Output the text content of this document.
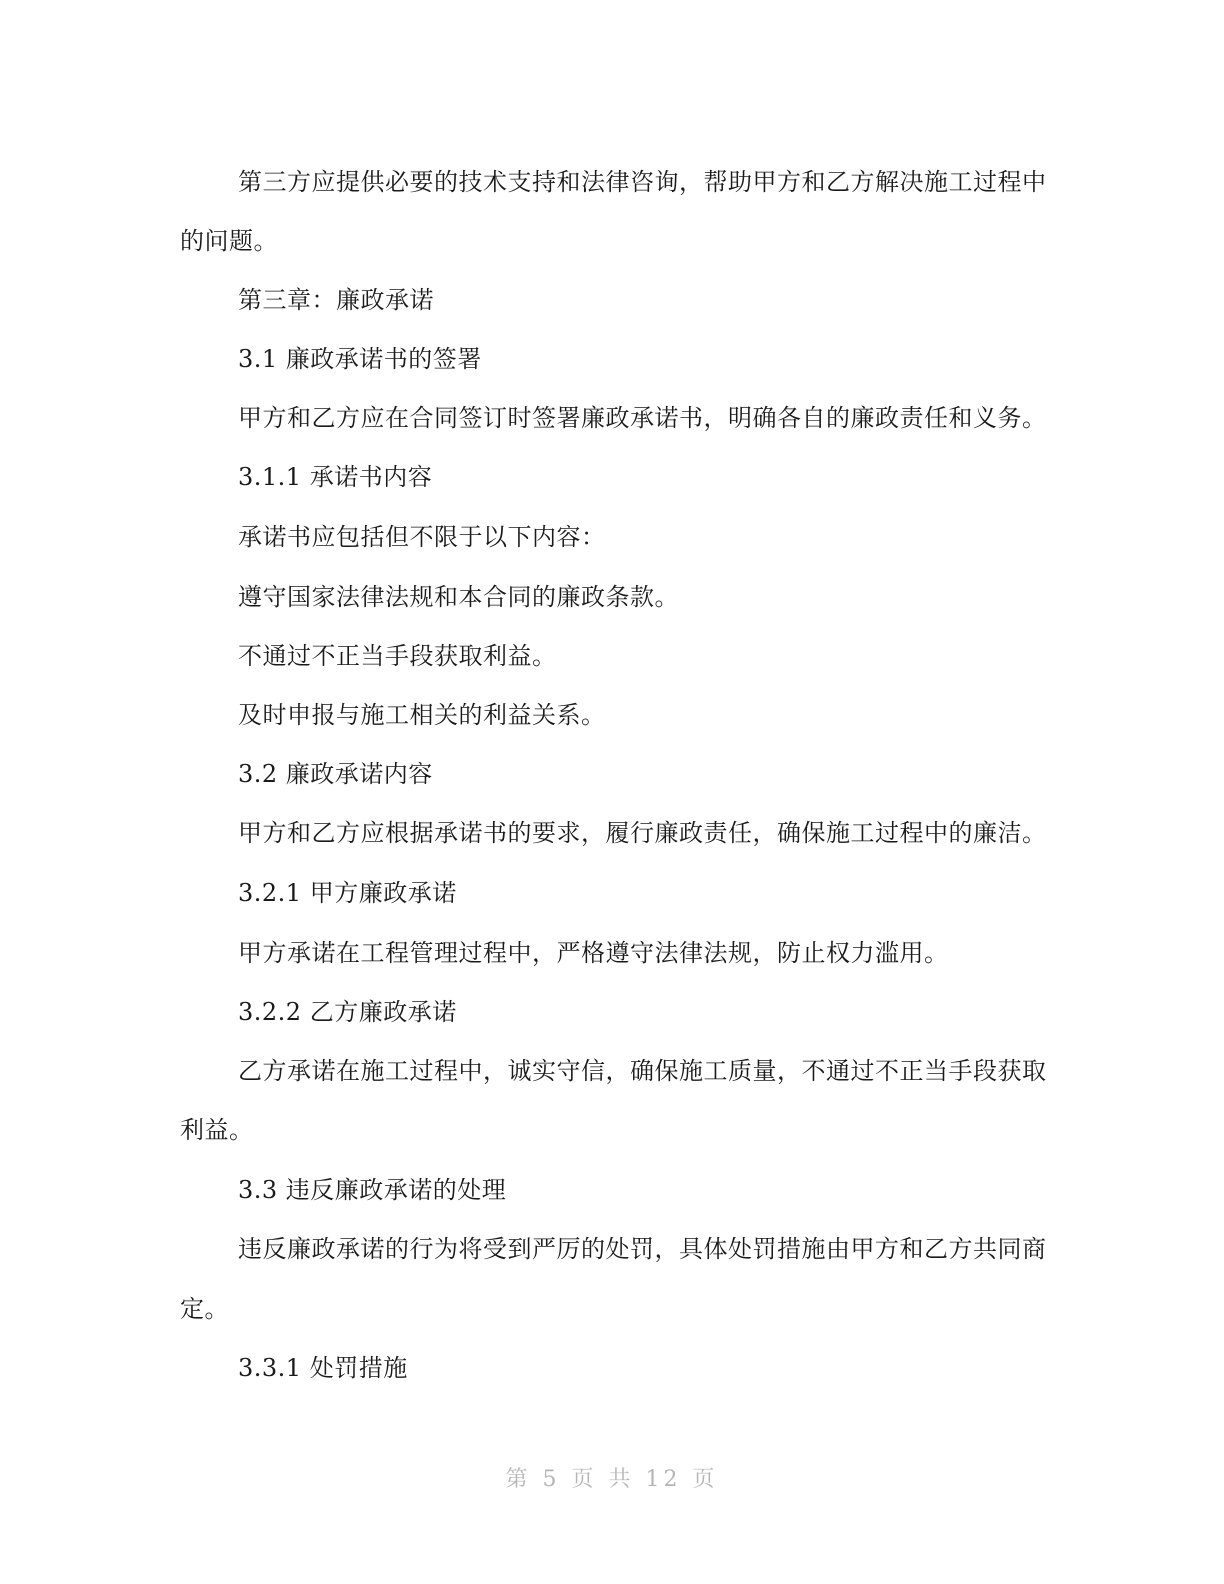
第三方应提供必要的技术支持和法律咨询，帮助甲方和乙方解决施工过程中
的问题。
第三章：廉政承诺
3.1 廉政承诺书的签署
甲方和乙方应在合同签订时签署廉政承诺书，明确各自的廉政责任和义务。
3.1.1 承诺书内容
承诺书应包括但不限于以下内容：
遵守国家法律法规和本合同的廉政条款。
不通过不正当手段获取利益。
及时申报与施工相关的利益关系。
3.2 廉政承诺内容
甲方和乙方应根据承诺书的要求，履行廉政责任，确保施工过程中的廉洁。
3.2.1 甲方廉政承诺
甲方承诺在工程管理过程中，严格遵守法律法规，防止权力滥用。
3.2.2 乙方廉政承诺
乙方承诺在施工过程中，诚实守信，确保施工质量，不通过不正当手段获取
利益。
3.3 违反廉政承诺的处理
违反廉政承诺的行为将受到严厉的处罚，具体处罚措施由甲方和乙方共同商
定。
3.3.1 处罚措施
第 5 页 共 12 页
